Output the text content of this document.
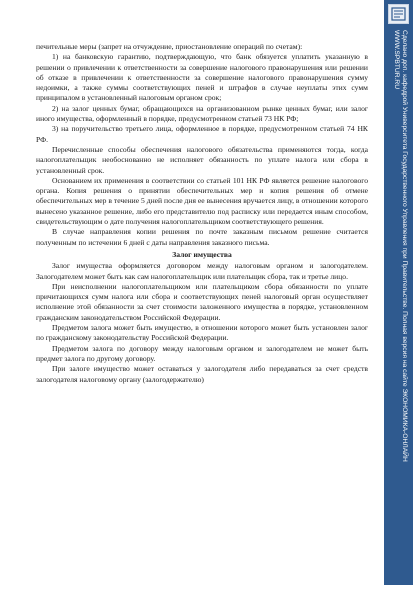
Сделано доп. кафедрой Университета Государственного Управления при Правительстве. Полная версия на сайте ЭКОНОМИКА-ОНЛАЙН
WWW.SPBTUR.RU

печительные меры (запрет на отчуждение, приостановление операций по счетам):

1) на банковскую гарантию, подтверждающую, что банк обязуется уплатить указанную в решении о привлечении к ответственности за совершение налогового правонарушения или решении об отказе в привлечении к ответственности за совершение налогового правонарушения сумму недоимки, а также суммы соответствующих пеней и штрафов в случае неуплаты этих сумм принципалом в установленный налоговым органом срок;

2) на залог ценных бумаг, обращающихся на организованном рынке ценных бумаг, или залог иного имущества, оформленный в порядке, предусмотренном статьей 73 НК РФ;

3) на поручительство третьего лица, оформленное в порядке, предусмотренном статьей 74 НК РФ.

Перечисленные способы обеспечения налогового обязательства применяются тогда, когда налогоплательщик необоснованно не исполняет обязанность по уплате налога или сбора в установленный срок.

Основанием их применения в соответствии со статьей 101 НК РФ является решение налогового органа. Копия решения о принятии обеспечительных мер и копия решения об отмене обеспечительных мер в течение 5 дней после дня ее вынесения вручается лицу, в отношении которого вынесено указанное решение, либо его представителю под расписку или передается иным способом, свидетельствующим о дате получения налогоплательщиком соответствующего решения.

В случае направления копии решения по почте заказным письмом решение считается полученным по истечении 6 дней с даты направления заказного письма.

Залог имущества

Залог имущества оформляется договором между налоговым органом и залогодателем. Залогодателем может быть как сам налогоплательщик или плательщик сбора, так и третье лицо.

При неисполнении налогоплательщиком или плательщиком сбора обязанности по уплате причитающихся сумм налога или сбора и соответствующих пеней налоговый орган осуществляет исполнение этой обязанности за счет стоимости заложенного имущества в порядке, установленном гражданским законодательством Российской Федерации.

Предметом залога может быть имущество, в отношении которого может быть установлен залог по гражданскому законодательству Российской Федерации.

Предметом залога по договору между налоговым органом и залогодателем не может быть предмет залога по другому договору.

При залоге имущество может оставаться у залогодателя либо передаваться за счет средств залогодателя налоговому органу (залогодержателю)
